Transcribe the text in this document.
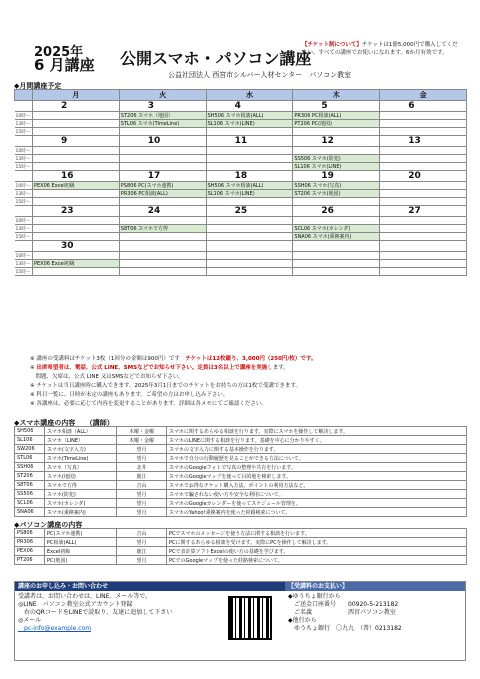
2025年
6 月講座 公開スマホ・パソコン講座
公益社団法人 西宮市シルバー人材センター　パソコン教室
【チケット制について】チケットは1冊5,000円で購入してください。すべての講座でお使いになれます。6か月有効です。
◆月間講座予定
	月	火	水	木	金
	2	3	4	5	6
10時～		ST206 スマホ（地図）	SH506 スマホ相談(ALL)	PR306 PC相談(ALL)	
13時～		STL06 スマホ(TimeLine)	SL106 スマホ(LINE)	PT206 PC(地図)	
15時～					
	9	10	11	12	13
10時～					
13時～				SS506 スマホ(防犯)	
15時～				SL106 スマホ(LINE)	
	16	17	18	19	20
10時～	PEX06 Excel初級	PS806 PC(スマホ連携)	SH506 スマホ相談(ALL)	SSH06 スマホ(写真)	
13時～		PR306 PC相談(ALL)	SL106 スマホ(LINE)	ST206 スマホ(地図)	
15時～					
	23	24	25	26	27
10時～					
13時～		S8T06 スマホで方得		SCL06 スマホ(カレンダ)	
15時～				SNA06 スマホ(乗換案内)	
	30				
10時～					
13時～	PEX06 Excel初級				
15時～					
※ 講座の受講料はチケット3枚（1回分の金額は900円）です　チケットは12枚綴り、3,000円（250円/枚）です。
※ 出席希望者は、電話、公式 LINE、SMSなどでお知らせ下さい。定員は3名以上で講座を実施します。
　問題、欠席は、公式 LINE 又はSMSなどでお知らせ下さい。
※ チケットは当日講座時に購入できます。2025年3月1日までのチケットをお持ちの方は1枚で受講できます。
※ 科目一覧に、日時が未定の講座もあります。ご希望の方はお申し込み下さい。
※ 各講座は、必要に応じて内容を変更することがあります。詳細は各メモにてご確認ください。
◆スマホ講座の内容　　（講師）
SH506	スマホ相談（ALL）	木曜・金曜	スマホに関するあらゆる相談を行ります。実際にスマホを操作して解決します。
SL106	スマホ（LINE）	木曜・金曜	スマホのLINEに関する相談を行ります。基礎を中心に分かりやすく。
SW206	スマホ(文字入力)	望月	スマホの文字入力に関する基本操作を行ります。
STL06	スマホ(TimeLine)	望月	スマホで自分の行動履歴を見ることができる方法について。
SSH06	スマホ（写真）	北井	スマホのGoogleフォトで写真の整理や共有を行います。
ST206	スマホ(地図)	鹿江	スマホのGoogleマップを使って目的地を検索します。
S8T06	スマホで方得	吉山	スマホでお得なチケット購入方法、ポイントの利用方法など。
SS506	スマホ(防犯)	望月	スマホで騙されない使い方や安全な利用について。
SCL06	スマホ(カレンダ)	望月	スマホのGoogleカレンダーを使ってスケジュール管理を。
SNA06	スマホ(乗換案内)	望月	スマホのYahoo!乗換案内を使った経路検索について。
◆パソコン講座の内容
PS806	PC(スマホ連携)	吉山	PCでスマホのメッセージを使う方法に関する相談を行います。
PR306	PC相談(ALL)	望月	PCに関するあらゆる相談を受けます。実際にPCを操作して解決します。
PEX06	Excel初級	鹿江	PCで表計算ソフトExcelの使い方の基礎を学びます。
PT206	PC(地図)	望月	PCでのGoogleマップを使った経路検索について。
講座のお申し込み・お問い合わせ	【受講料のお支払い】
受講者は、お問い合わせは、LINE、メール等で。
◎LINE　パソコン教室公式アカウント登録
　右のQRコードをLINEで読取り、友達に追加して下さい
◎メール
　pc-info@example.com
◆ゆうちょ銀行から
　ご送金口座番号　　00920-5-213182
　ご名義　　　　　　西宮パソコン教室
◆他行から
　ゆうちょ銀行　〇九九　（普）0213182
